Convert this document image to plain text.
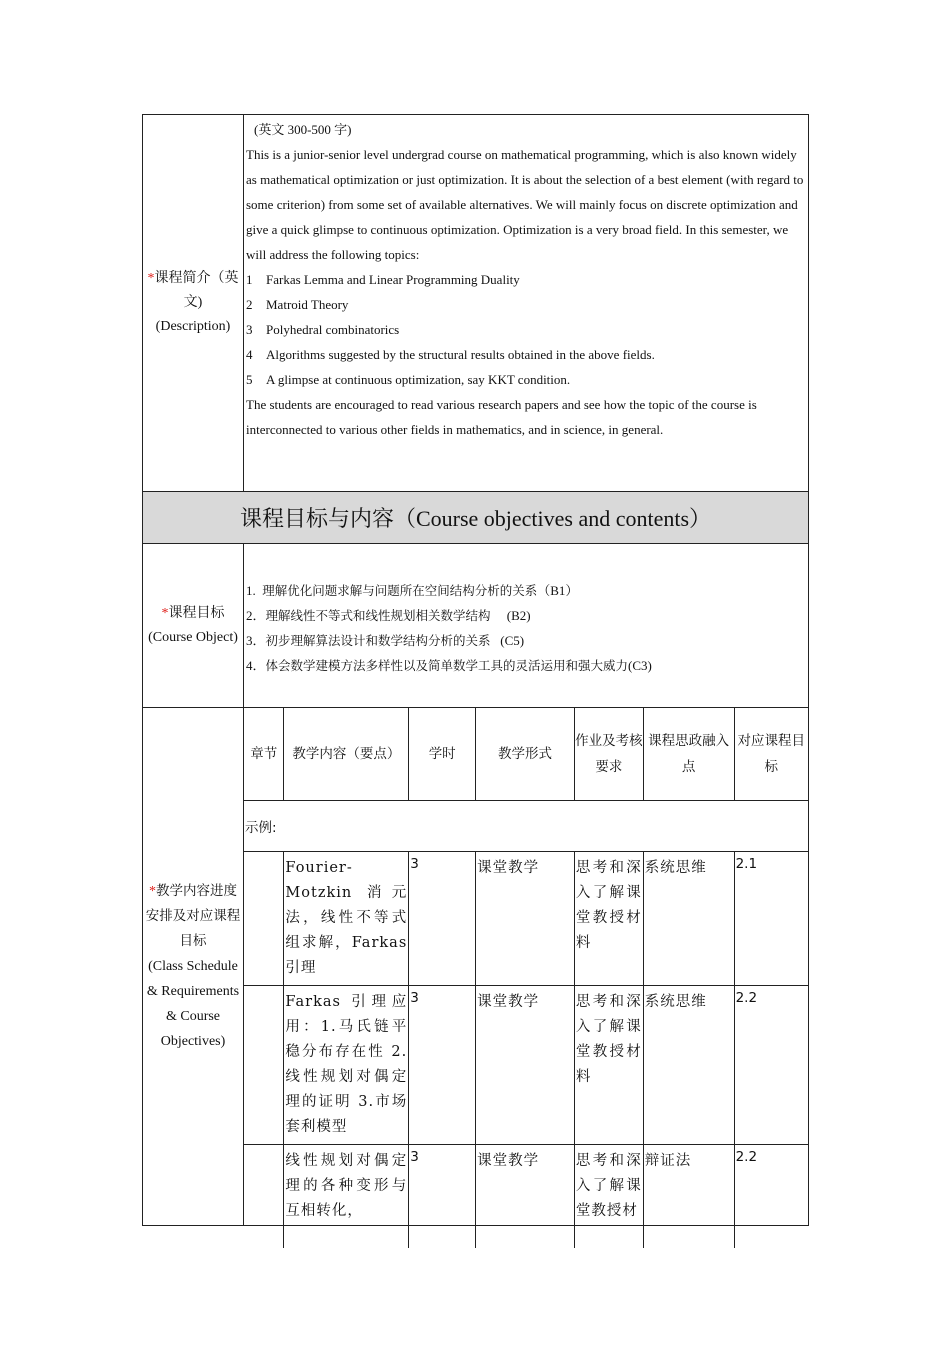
*课程简介（英
文)
(Description)
(英文 300-500 字)
This is a junior-senior level undergrad course on mathematical programming, which is also known widely as mathematical optimization or just optimization. It is about the selection of a best element (with regard to some criterion) from some set of available alternatives. We will mainly focus on discrete optimization and give a quick glimpse to continuous optimization. Optimization is a very broad field. In this semester, we will address the following topics:
1	Farkas Lemma and Linear Programming Duality
2	Matroid Theory
3	Polyhedral combinatorics
4	Algorithms suggested by the structural results obtained in the above fields.
5	A glimpse at continuous optimization, say KKT condition.
The students are encouraged to read various research papers and see how the topic of the course is interconnected to various other fields in mathematics, and in science, in general.
课程目标与内容（Course objectives and contents）
*课程目标
(Course Object)
1. 理解优化问题求解与问题所在空间结构分析的关系（B1）
2．理解线性不等式和线性规划相关数学结构 (B2)
3．初步理解算法设计和数学结构分析的关系 (C5)
4．体会数学建模方法多样性以及简单数学工具的灵活运用和强大威力(C3)
*教学内容进度安排及对应课程目标
(Class Schedule & Requirements & Course Objectives)
章节	教学内容（要点）	学时	教学形式	作业及考核要求	课程思政融入点	对应课程目标
示例:						
	Fourier-Motzkin 消元法，线性不等式组求解，Farkas 引理	3	课堂教学	思考和深入了解课堂教授材料	系统思维	2.1
	Farkas 引理应用：1.马氏链平稳分布存在性 2. 线性规划对偶定理的证明 3.市场套利模型	3	课堂教学	思考和深入了解课堂教授材料	系统思维	2.2
	线性规划对偶定理的各种变形与互相转化，	3	课堂教学	思考和深入了解课堂教授材	辩证法	2.2
